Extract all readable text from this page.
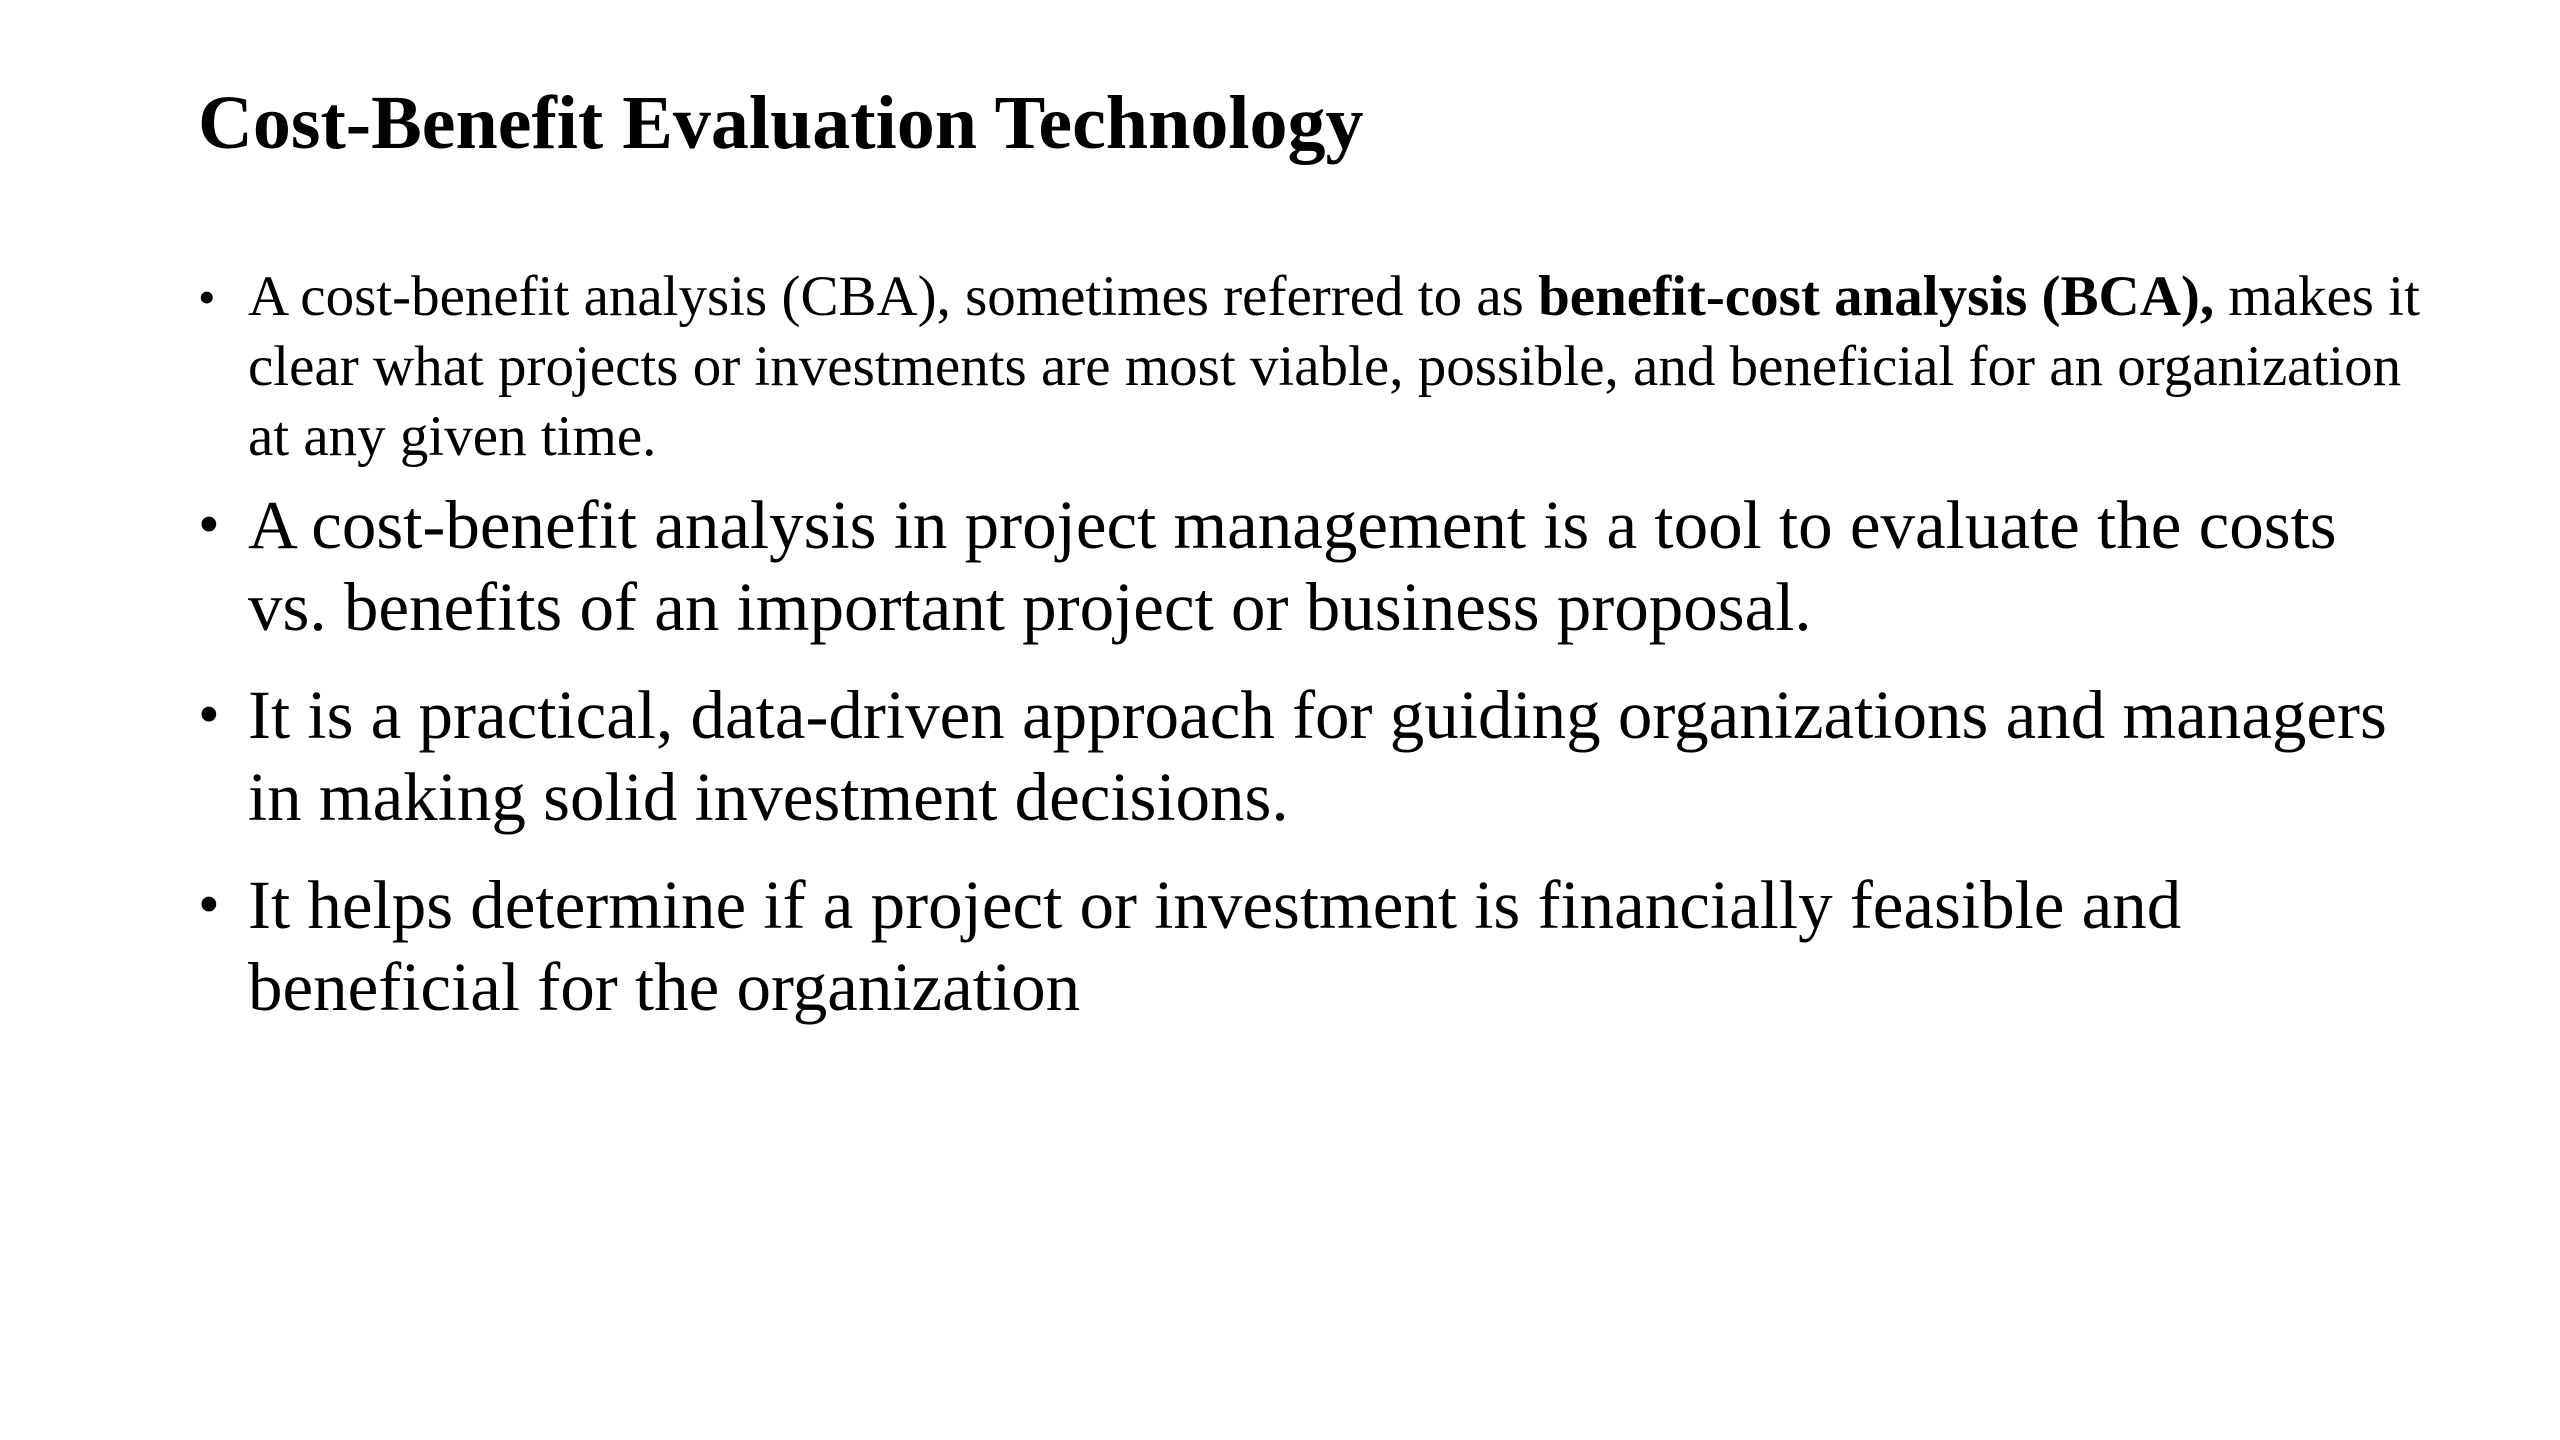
Cost-Benefit Evaluation Technology
• A cost-benefit analysis (CBA), sometimes referred to as benefit-cost analysis (BCA), makes it clear what projects or investments are most viable, possible, and beneficial for an organization at any given time.
• A cost-benefit analysis in project management is a tool to evaluate the costs vs. benefits of an important project or business proposal.
• It is a practical, data-driven approach for guiding organizations and managers in making solid investment decisions.
• It helps determine if a project or investment is financially feasible and beneficial for the organization
